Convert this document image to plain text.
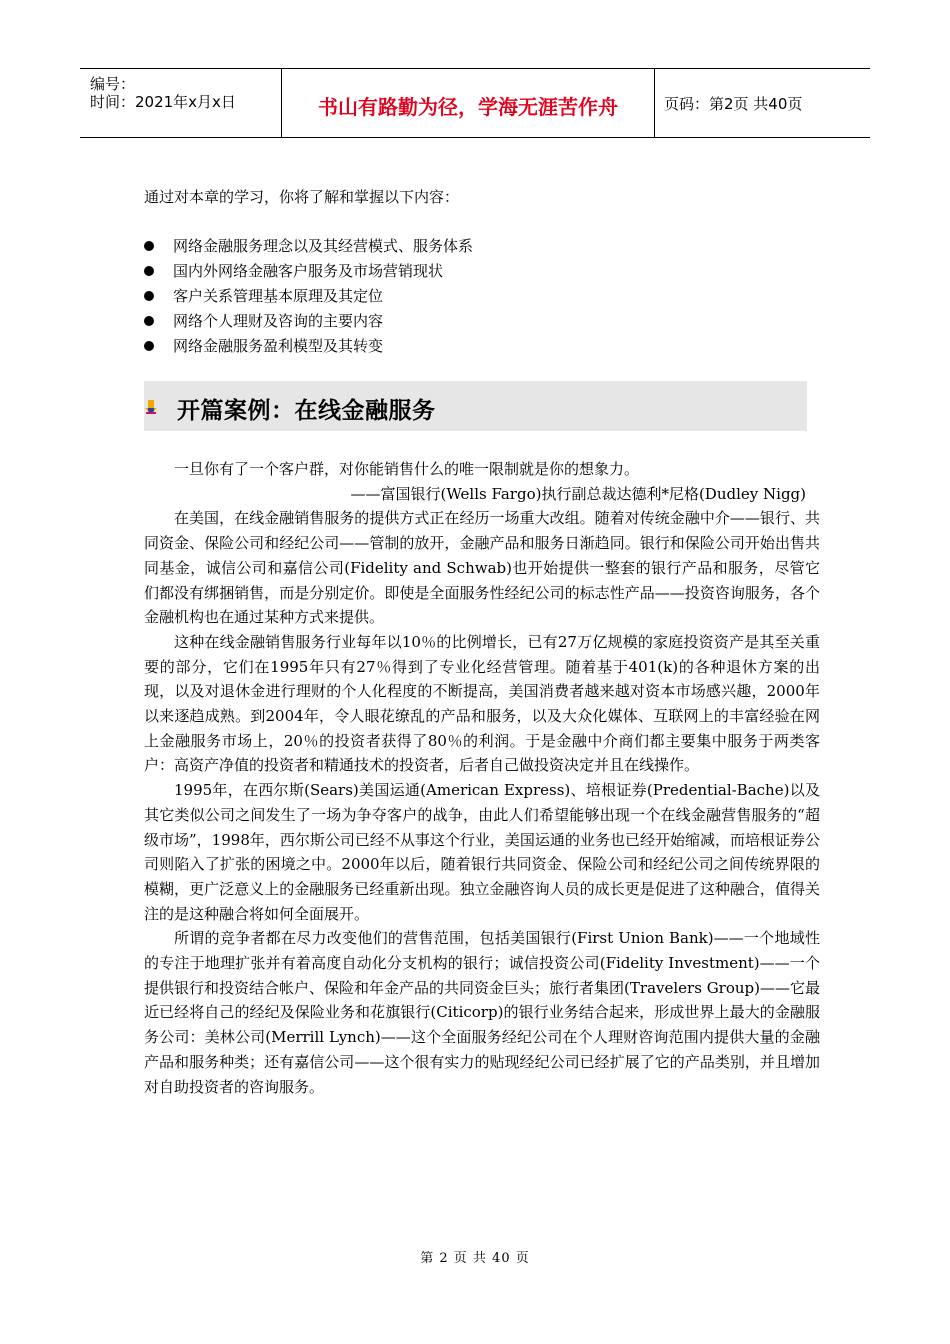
编号：
时间：2021年x月x日	书山有路勤为径，学海无涯苦作舟	页码：第2页 共40页
通过对本章的学习，你将了解和掌握以下内容：
网络金融服务理念以及其经营模式、服务体系
国内外网络金融客户服务及市场营销现状
客户关系管理基本原理及其定位
网络个人理财及咨询的主要内容
网络金融服务盈利模型及其转变
开篇案例：在线金融服务

一旦你有了一个客户群，对你能销售什么的唯一限制就是你的想象力。

——富国银行(Wells Fargo)执行副总裁达德利*尼格(Dudley Nigg)

在美国，在线金融销售服务的提供方式正在经历一场重大改组。随着对传统金融中介——银行、共同资金、保险公司和经纪公司——管制的放开，金融产品和服务日渐趋同。银行和保险公司开始出售共同基金，诚信公司和嘉信公司(Fidelity and Schwab)也开始提供一整套的银行产品和服务，尽管它们都没有绑捆销售，而是分别定价。即使是全面服务性经纪公司的标志性产品——投资咨询服务，各个金融机构也在通过某种方式来提供。

这种在线金融销售服务行业每年以10％的比例增长，已有27万亿规模的家庭投资资产是其至关重要的部分，它们在1995年只有27％得到了专业化经营管理。随着基于401(k)的各种退休方案的出现，以及对退休金进行理财的个人化程度的不断提高，美国消费者越来越对资本市场感兴趣，2000年以来逐趋成熟。到2004年，令人眼花缭乱的产品和服务，以及大众化媒体、互联网上的丰富经验在网上金融服务市场上，20％的投资者获得了80％的利润。于是金融中介商们都主要集中服务于两类客户：高资产净值的投资者和精通技术的投资者，后者自己做投资决定并且在线操作。

1995年，在西尔斯(Sears)美国运通(American Express)、培根证券(Predential-Bache)以及其它类似公司之间发生了一场为争夺客户的战争，由此人们希望能够出现一个在线金融营售服务的“超级市场”，1998年，西尔斯公司已经不从事这个行业，美国运通的业务也已经开始缩减，而培根证券公司则陷入了扩张的困境之中。2000年以后，随着银行共同资金、保险公司和经纪公司之间传统界限的模糊，更广泛意义上的金融服务已经重新出现。独立金融咨询人员的成长更是促进了这种融合，值得关注的是这种融合将如何全面展开。

所谓的竞争者都在尽力改变他们的营售范围，包括美国银行(First Union Bank)——一个地域性的专注于地理扩张并有着高度自动化分支机构的银行；诚信投资公司(Fidelity Investment)——一个提供银行和投资结合帐户、保险和年金产品的共同资金巨头；旅行者集团(Travelers Group)——它最近已经将自己的经纪及保险业务和花旗银行(Citicorp)的银行业务结合起来，形成世界上最大的金融服务公司：美林公司(Merrill Lynch)——这个全面服务经纪公司在个人理财咨询范围内提供大量的金融产品和服务种类；还有嘉信公司——这个很有实力的贴现经纪公司已经扩展了它的产品类别，并且增加对自助投资者的咨询服务。

第 2 页 共 40 页
